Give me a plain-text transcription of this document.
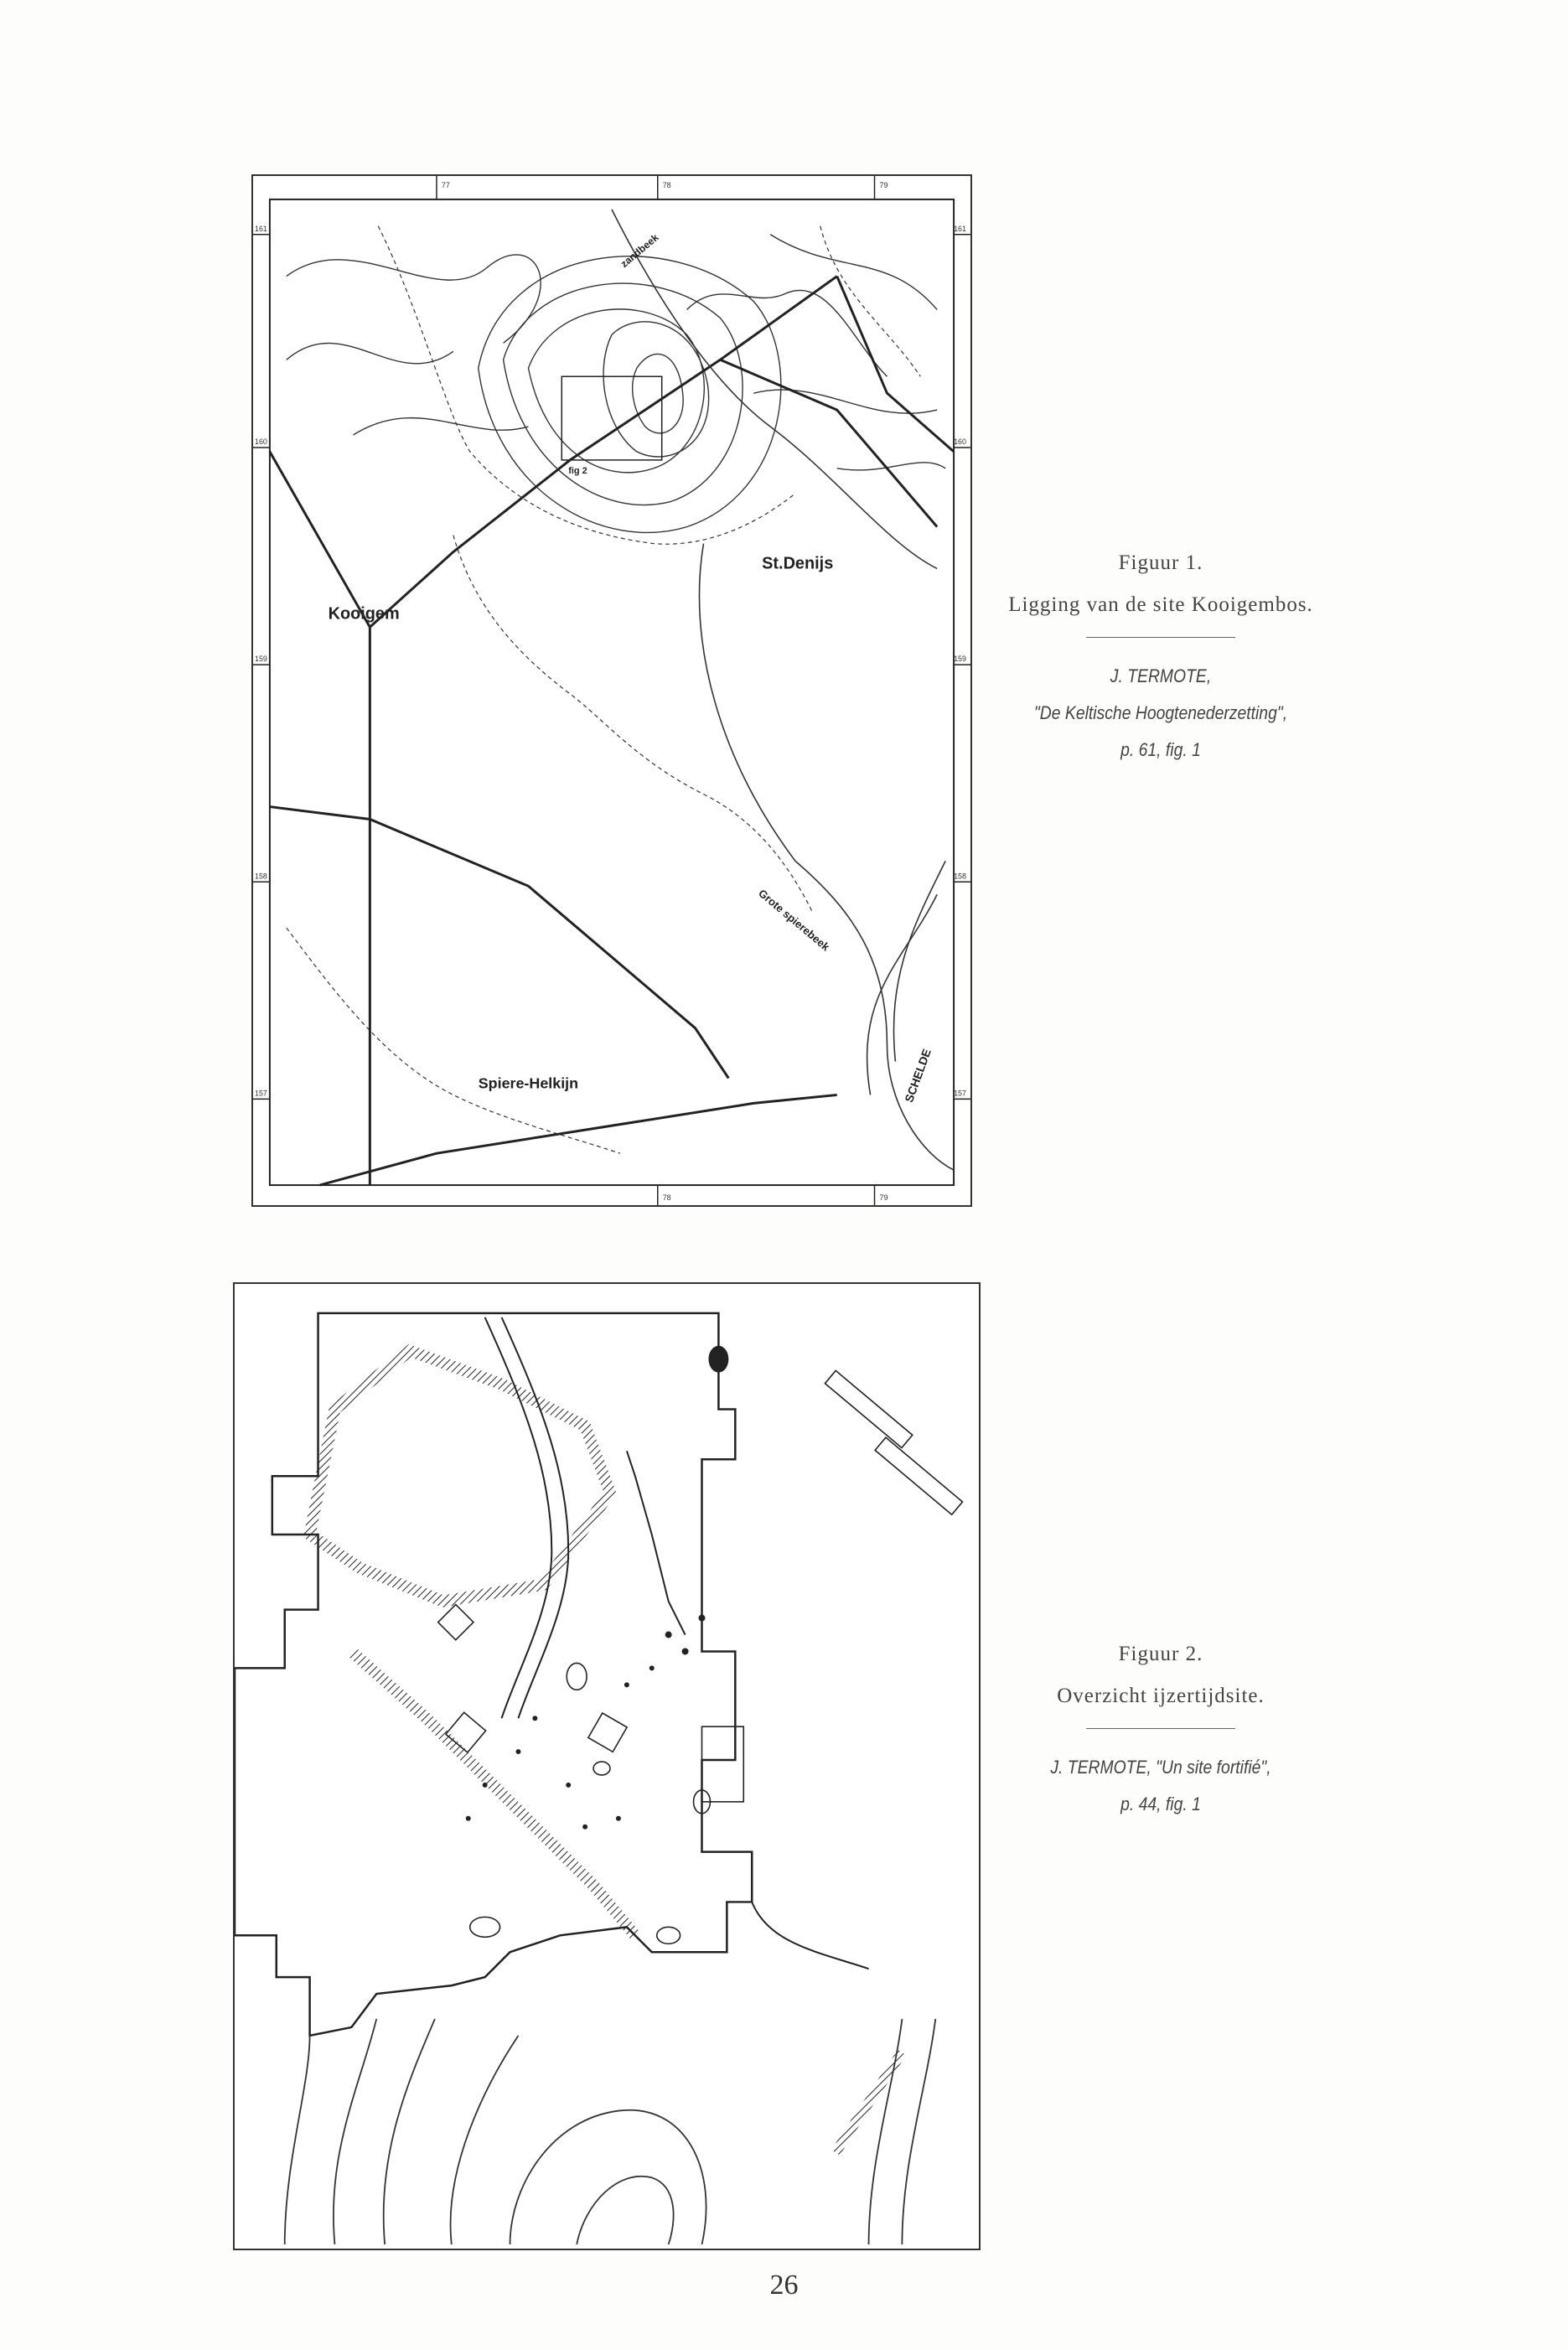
77	78	79
78	79
161
160
159
158
157
161
160
159
158
157
Kooigem
St.Denijs
Spiere-Helkijn	SCHELDE
Grote spierebeek
zandbeek
fig 2
Figuur 1.
Ligging van de site Kooigembos.
J. TERMOTE,
"De Keltische Hoogtenederzetting",
p. 61, fig. 1
Figuur 2.
Overzicht ijzertijdsite.
J. TERMOTE, "Un site fortifié",
p. 44, fig. 1
26
